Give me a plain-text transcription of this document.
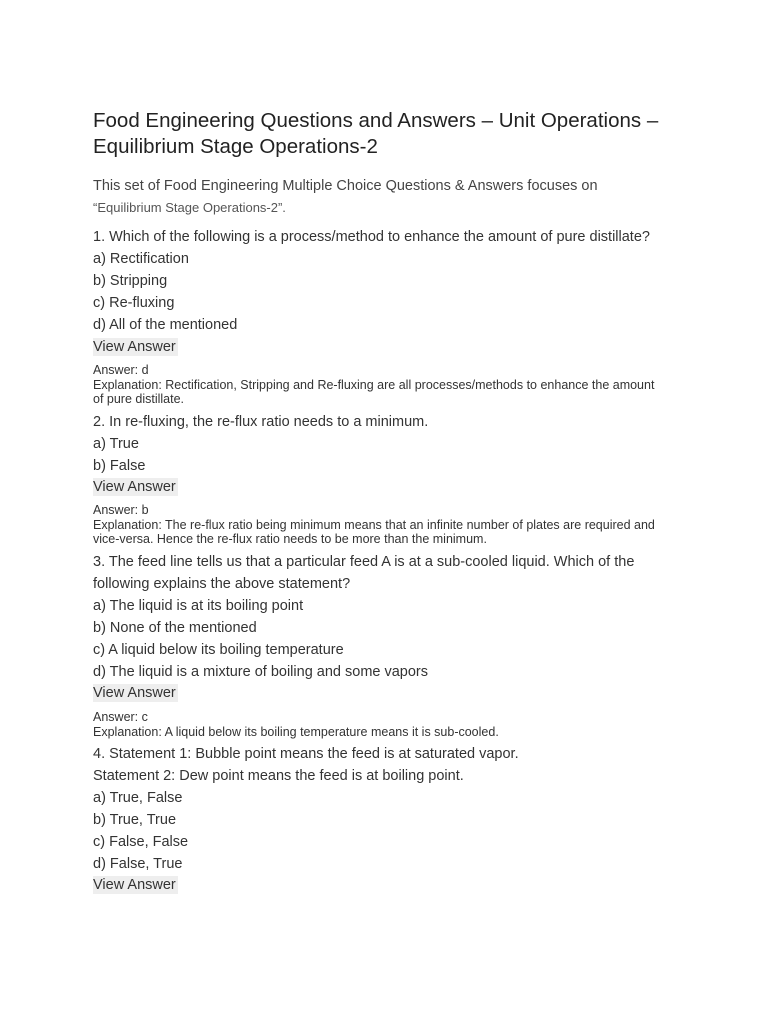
Food Engineering Questions and Answers – Unit Operations – Equilibrium Stage Operations-2
This set of Food Engineering Multiple Choice Questions & Answers focuses on
“Equilibrium Stage Operations-2”.
1. Which of the following is a process/method to enhance the amount of pure distillate?
a) Rectification
b) Stripping
c) Re-fluxing
d) All of the mentioned
View Answer
Answer: d
Explanation: Rectification, Stripping and Re-fluxing are all processes/methods to enhance the amount of pure distillate.
2. In re-fluxing, the re-flux ratio needs to a minimum.
a) True
b) False
View Answer
Answer: b
Explanation: The re-flux ratio being minimum means that an infinite number of plates are required and vice-versa. Hence the re-flux ratio needs to be more than the minimum.
3. The feed line tells us that a particular feed A is at a sub-cooled liquid. Which of the
following explains the above statement?
a) The liquid is at its boiling point
b) None of the mentioned
c) A liquid below its boiling temperature
d) The liquid is a mixture of boiling and some vapors
View Answer
Answer: c
Explanation: A liquid below its boiling temperature means it is sub-cooled.
4. Statement 1: Bubble point means the feed is at saturated vapor.
Statement 2: Dew point means the feed is at boiling point.
a) True, False
b) True, True
c) False, False
d) False, True
View Answer
